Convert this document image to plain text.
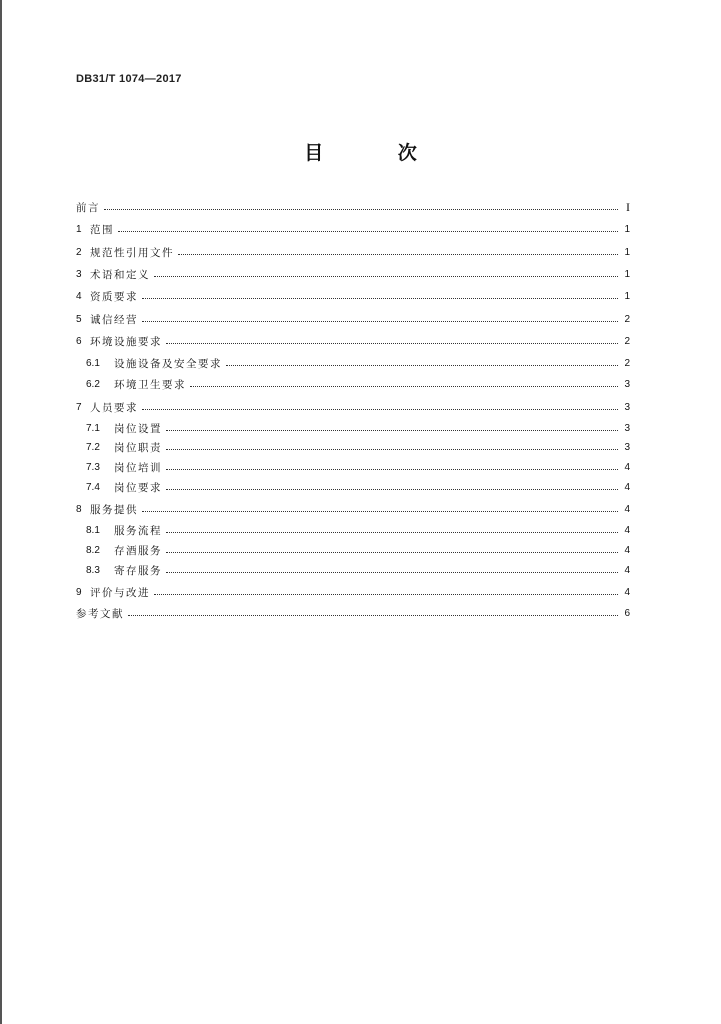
DB31/T 1074—2017
目 次
前言	I
1 范围	1
2 规范性引用文件	1
3 术语和定义	1
4 资质要求	1
5 诚信经营	2
6 环境设施要求	2
6.1	设施设备及安全要求	2
6.2	环境卫生要求	3
7 人员要求	3
7.1	岗位设置	3
7.2	岗位职责	3
7.3	岗位培训	4
7.4	岗位要求	4
8 服务提供	4
8.1	服务流程	4
8.2	存酒服务	4
8.3	寄存服务	4
9 评价与改进	4
参考文献	6
